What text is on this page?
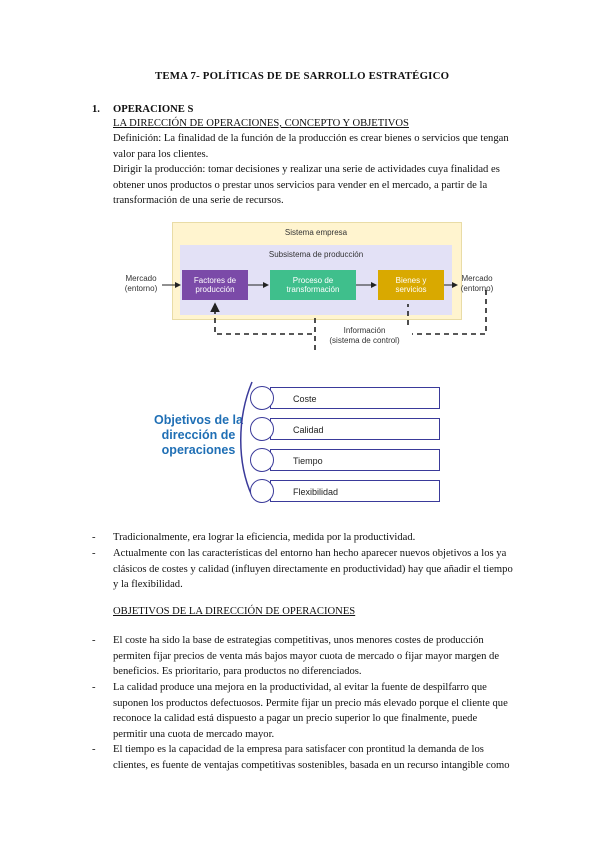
TEMA 7- POLÍTICAS DE DE SARROLLO ESTRATÉGICO
1. OPERACIONE S
LA DIRECCIÓN DE OPERACIONES, CONCEPTO Y OBJETIVOS
Definición: La finalidad de la función de la producción es crear bienes o servicios que tengan
valor para los clientes.
Dirigir la producción: tomar decisiones y realizar una serie de actividades cuya finalidad es
obtener unos productos o prestar unos servicios para vender en el mercado, a partir de la
transformación de una serie de recursos.
Sistema empresa
Subsistema de producción
Mercado
(entorno)
Mercado
(entorno)
Factores de
producción
Proceso de
transformación
Bienes y
servicios
Información
(sistema de control)
Objetivos de la
dirección de
operaciones
Coste
Calidad
Tiempo
Flexibilidad
- Tradicionalmente, era lograr la eficiencia, medida por la productividad.
- Actualmente con las características del entorno han hecho aparecer nuevos objetivos a los ya
clásicos de costes y calidad (influyen directamente en productividad) hay que añadir el tiempo
y la flexibilidad.
OBJETIVOS DE LA DIRECCIÓN DE OPERACIONES
- El coste ha sido la base de estrategias competitivas, unos menores costes de producción
permiten fijar precios de venta más bajos mayor cuota de mercado o fijar mayor margen de
beneficios. Es prioritario, para productos no diferenciados.
- La calidad produce una mejora en la productividad, al evitar la fuente de despilfarro que
suponen los productos defectuosos. Permite fijar un precio más elevado porque el cliente que
reconoce la calidad está dispuesto a pagar un precio superior lo que finalmente, puede
permitir una cuota de mercado mayor.
- El tiempo es la capacidad de la empresa para satisfacer con prontitud la demanda de los
clientes, es fuente de ventajas competitivas sostenibles, basada en un recurso intangible como
